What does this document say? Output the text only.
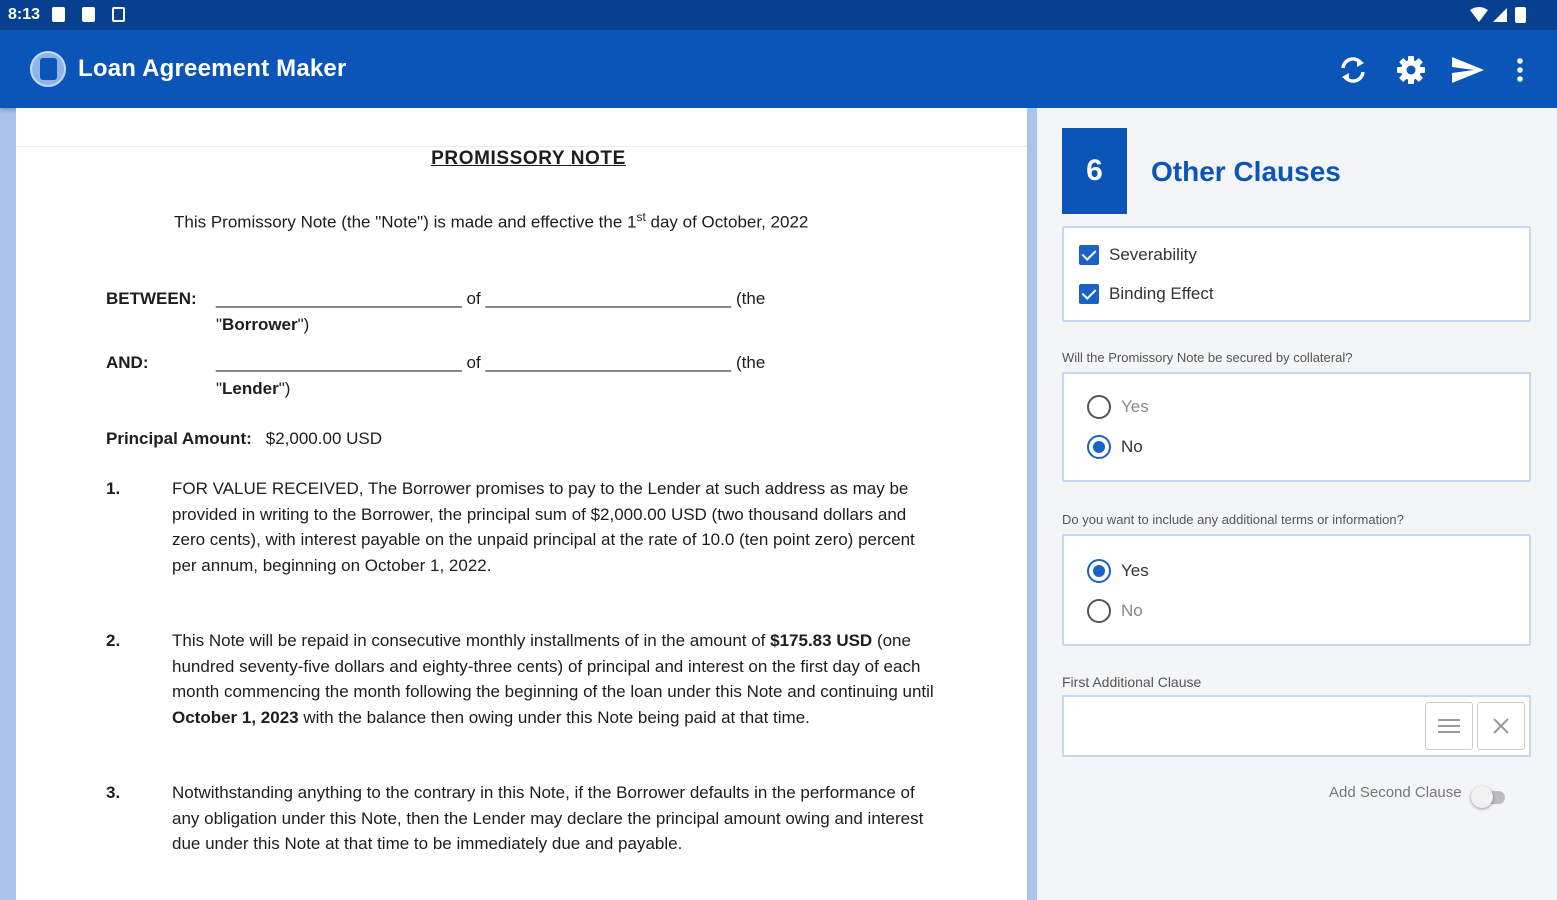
8:13
Loan Agreement Maker
PROMISSORY NOTE
This Promissory Note (the "Note") is made and effective the 1st day of October, 2022
BETWEEN: __________________________ of __________________________ (the
"Borrower")
AND:	__________________________ of __________________________ (the
"Lender")
Principal Amount: $2,000.00 USD
1.	FOR VALUE RECEIVED, The Borrower promises to pay to the Lender at such address as may be provided in writing to the Borrower, the principal sum of $2,000.00 USD (two thousand dollars and zero cents), with interest payable on the unpaid principal at the rate of 10.0 (ten point zero) percent per annum, beginning on October 1, 2022.
2.	This Note will be repaid in consecutive monthly installments of in the amount of $175.83 USD (one hundred seventy-five dollars and eighty-three cents) of principal and interest on the first day of each month commencing the month following the beginning of the loan under this Note and continuing until October 1, 2023 with the balance then owing under this Note being paid at that time.
3.	Notwithstanding anything to the contrary in this Note, if the Borrower defaults in the performance of any obligation under this Note, then the Lender may declare the principal amount owing and interest due under this Note at that time to be immediately due and payable.
6	Other Clauses
Severability
Binding Effect
Will the Promissory Note be secured by collateral?
Yes
No
Do you want to include any additional terms or information?
Yes
No
First Additional Clause
Add Second Clause
